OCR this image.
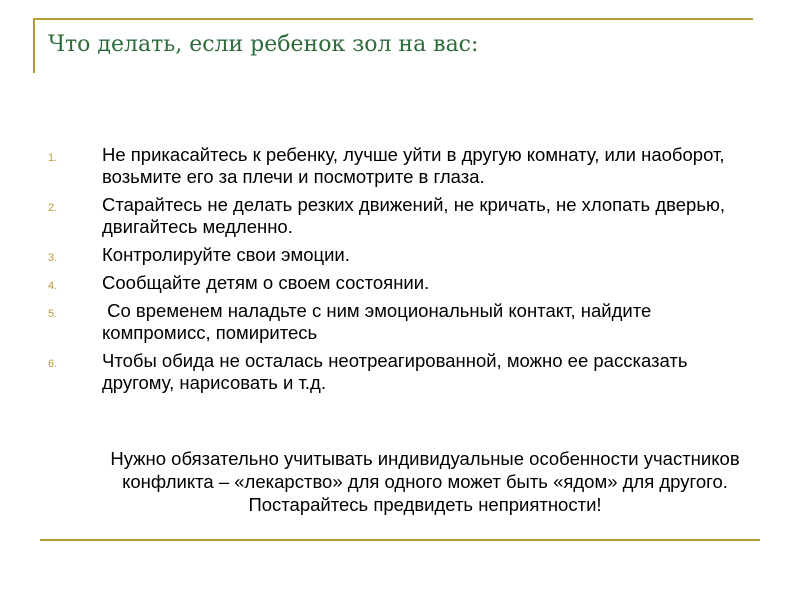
Что делать, если ребенок зол на вас:
1.	Не прикасайтесь к ребенку, лучше уйти в другую комнату, или наоборот, возьмите его за плечи и посмотрите в глаза.
2.	Старайтесь не делать резких движений, не кричать, не хлопать дверью, двигайтесь медленно.
3.	Контролируйте свои эмоции.
4.	Сообщайте детям о своем состоянии.
5.	Со временем наладьте с ним эмоциональный контакт, найдите компромисс, помиритесь
6.	Чтобы обида не осталась неотреагированной, можно ее рассказать другому, нарисовать и т.д.

Нужно обязательно учитывать индивидуальные особенности участников конфликта – «лекарство» для одного может быть «ядом» для другого. Постарайтесь предвидеть неприятности!
